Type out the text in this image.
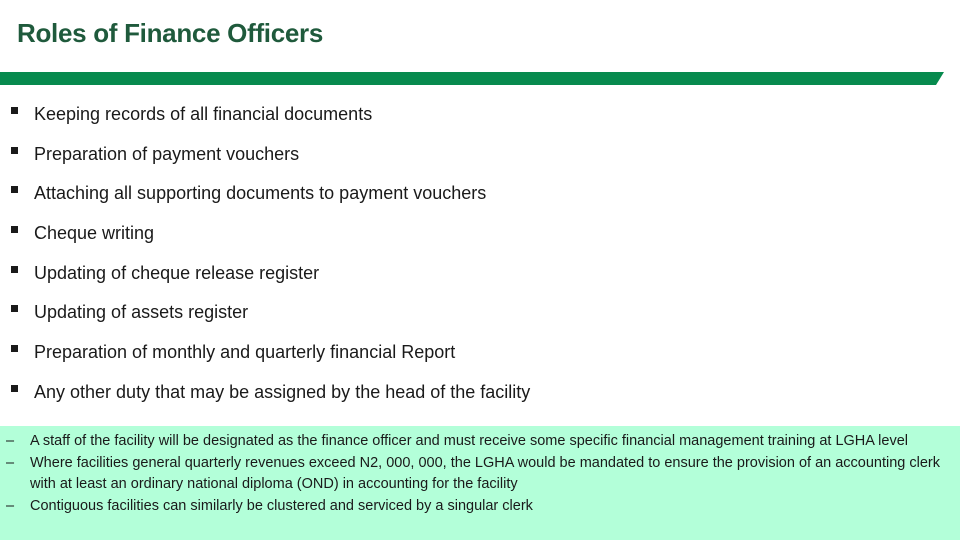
Roles of Finance Officers
Keeping records of all financial documents
Preparation of payment vouchers
Attaching all supporting documents to payment vouchers
Cheque writing
Updating of cheque release register
Updating of assets register
Preparation of monthly and quarterly financial Report
Any other duty that may be assigned by the head of the facility
– A staff of the facility will be designated as the finance officer and must receive some specific financial management training at LGHA level
– Where facilities general quarterly revenues exceed N2, 000, 000, the LGHA would be mandated to ensure the provision of an accounting clerk with at least an ordinary national diploma (OND) in accounting for the facility
– Contiguous facilities can similarly be clustered and serviced by a singular clerk
